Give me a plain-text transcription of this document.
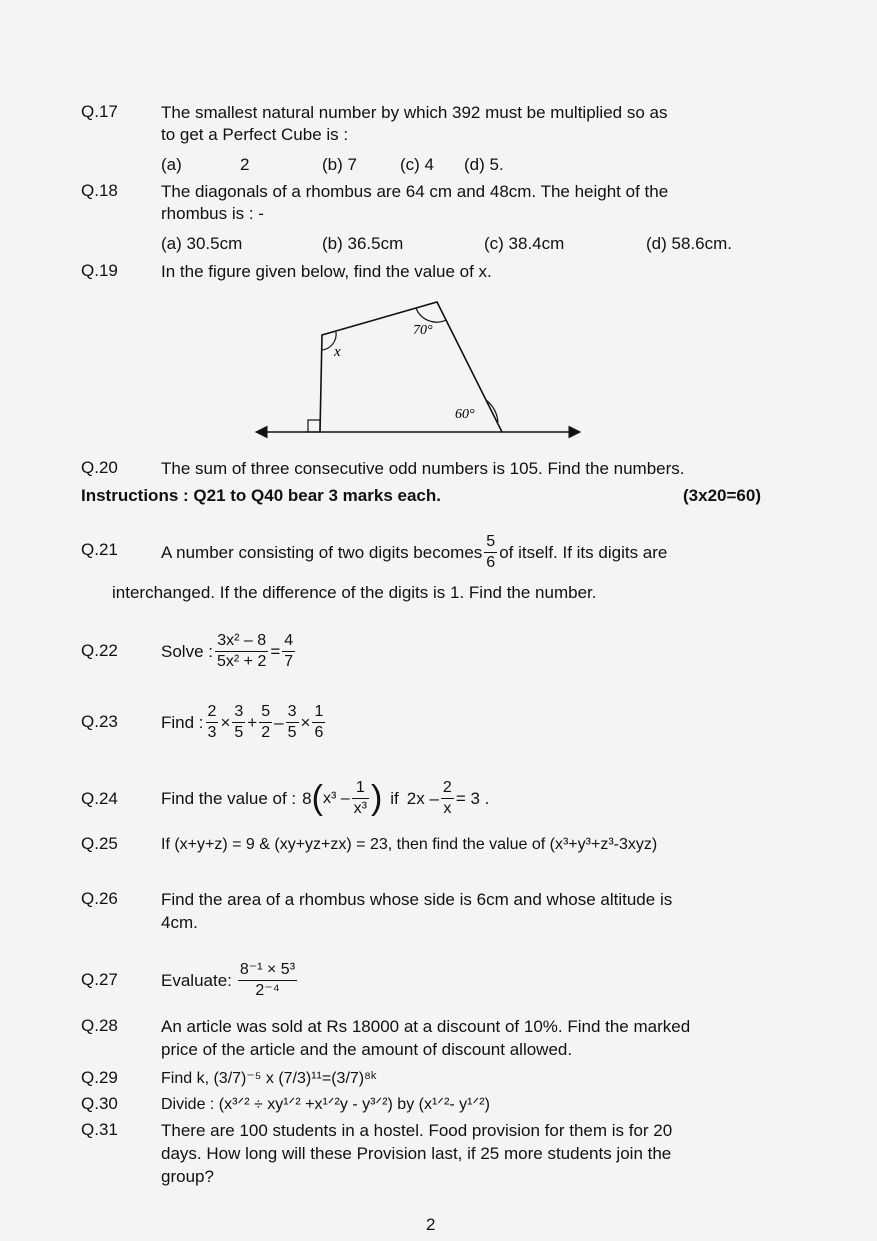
Q.17	The smallest natural number by which 392 must be multiplied so as
to get a Perfect Cube is :
(a)	2	(b) 7	(c) 4 (d) 5.
Q.18	The diagonals of a rhombus are 64 cm and 48cm. The height of the
rhombus is : -
(a) 30.5cm	(b) 36.5cm	(c) 38.4cm	(d) 58.6cm.
Q.19	In the figure given below, find the value of x.
x
70°
60°
Q.20	The sum of three consecutive odd numbers is 105. Find the numbers.
Instructions : Q21 to Q40 bear 3 marks each.	(3x20=60)
Q.21	A number consisting of two digits becomes $\frac{5}{6}$ of itself. If its digits are
interchanged. If the difference of the digits is 1. Find the number.
Q.22	Solve : $\frac{\text{3x² – 8}}{\text{5x² + 2}} = \frac{4}{7}$
Q.23	Find : $\frac{2}{3} \times \frac{3}{5} + \frac{5}{2} - \frac{3}{5} \times \frac{1}{6}$
Q.24	Find the value of : 8 ( $x^3 - \frac{1}{\text{x³}}$ ) if $2x - \frac{2}{x} = 3$ .
Q.25	If (x+y+z) = 9 & (xy+yz+zx) = 23, then find the value of (x³+y³+z³-3xyz)
Q.26	Find the area of a rhombus whose side is 6cm and whose altitude is
4cm.
Q.27	Evaluate: $\frac{\text{8⁻¹ × 5³}}{\text{2⁻⁴}}$
Q.28	An article was sold at Rs 18000 at a discount of 10%. Find the marked
price of the article and the amount of discount allowed.
Q.29	Find k, (3/7)⁻⁵ x (7/3)¹¹=(3/7)⁸ᵏ
Q.30	Divide : (x³ᐟ² ÷ xy¹ᐟ² +x¹ᐟ²y - y³ᐟ²) by (x¹ᐟ²- y¹ᐟ²)
Q.31	There are 100 students in a hostel. Food provision for them is for 20
days. How long will these Provision last, if 25 more students join the
group?
2
